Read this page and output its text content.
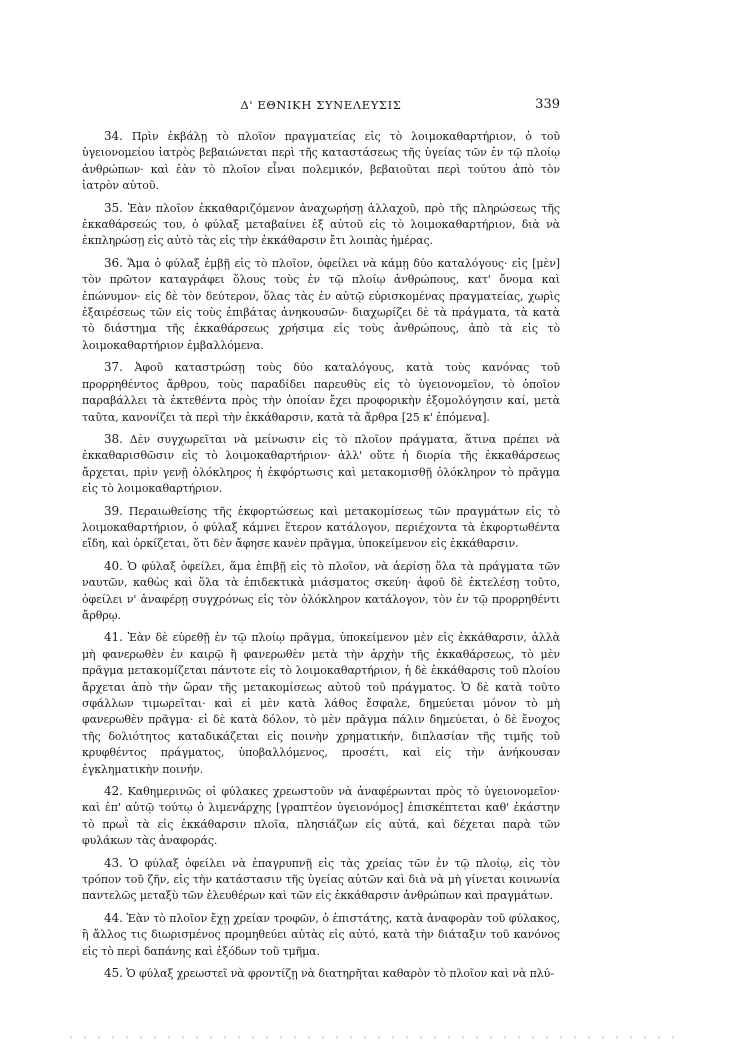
Δ' ΕΘΝΙΚΗ ΣΥΝΕΛΕΥΣΙΣ	339

34. Πρὶν ἐκβάλῃ τὸ πλοῖον πραγματείας εἰς τὸ λοιμοκαθαρτήριον, ὁ τοῦ ὑγειονομείου ἰατρὸς βεβαιώνεται περὶ τῆς καταστάσεως τῆς ὑγείας τῶν ἐν τῷ πλοίῳ ἀνθρώπων· καὶ ἐὰν τὸ πλοῖον εἶναι πολεμικόν, βεβαιοῦται περὶ τούτου ἀπὸ τὸν ἰατρὸν αὐτοῦ.

35. Ἐὰν πλοῖον ἐκκαθαριζόμενον ἀναχωρήσῃ ἀλλαχοῦ, πρὸ τῆς πληρώσεως τῆς ἐκκαθάρσεώς του, ὁ φύλαξ μεταβαίνει ἐξ αὐτοῦ εἰς τὸ λοιμοκαθαρτήριον, διὰ νὰ ἐκπληρώσῃ εἰς αὐτὸ τὰς εἰς τὴν ἐκκάθαρσιν ἔτι λοιπὰς ἡμέρας.

36. Ἅμα ὁ φύλαξ ἐμβῇ εἰς τὸ πλοῖον, ὀφείλει νὰ κάμῃ δύο καταλόγους· εἰς [μὲν] τὸν πρῶτον καταγράφει ὅλους τοὺς ἐν τῷ πλοίῳ ἀνθρώπους, κατ' ὄνομα καὶ ἐπώνυμον· εἰς δὲ τὸν δεύτερον, ὅλας τὰς ἐν αὐτῷ εὑρισκομένας πραγματείας, χωρὶς ἐξαιρέσεως τῶν εἰς τοὺς ἐπιβάτας ἀνηκουσῶν· διαχωρίζει δὲ τὰ πράγματα, τὰ κατὰ τὸ διάστημα τῆς ἐκκαθάρσεως χρήσιμα εἰς τοὺς ἀνθρώπους, ἀπὸ τὰ εἰς τὸ λοιμοκαθαρτήριον ἐμβαλλόμενα.

37. Ἀφοῦ καταστρώσῃ τοὺς δύο καταλόγους, κατὰ τοὺς κανόνας τοῦ προρρηθέντος ἄρθρου, τοὺς παραδίδει παρευθὺς εἰς τὸ ὑγειονομεῖον, τὸ ὁποῖον παραβάλλει τὰ ἐκτεθέντα πρὸς τὴν ὁποίαν ἔχει προφορικὴν ἐξομολόγησιν καί, μετὰ ταῦτα, κανονίζει τὰ περὶ τὴν ἐκκάθαρσιν, κατὰ τὰ ἄρθρα [25 κ' ἑπόμενα].

38. Δὲν συγχωρεῖται νὰ μείνωσιν εἰς τὸ πλοῖον πράγματα, ἅτινα πρέπει νὰ ἐκκαθαρισθῶσιν εἰς τὸ λοιμοκαθαρτήριον· ἀλλ' οὔτε ἡ διορία τῆς ἐκκαθάρσεως ἄρχεται, πρὶν γενῇ ὁλόκληρος ἡ ἐκφόρτωσις καὶ μετακομισθῇ ὁλόκληρον τὸ πρᾶγμα εἰς τὸ λοιμοκαθαρτήριον.

39. Περαιωθείσης τῆς ἐκφορτώσεως καὶ μετακομίσεως τῶν πραγμάτων εἰς τὸ λοιμοκαθαρτήριον, ὁ φύλαξ κάμνει ἕτερον κατάλογον, περιέχοντα τὰ ἐκφορτωθέντα εἴδη, καὶ ὁρκίζεται, ὅτι δὲν ἄφησε κανὲν πρᾶγμα, ὑποκείμενον εἰς ἐκκάθαρσιν.

40. Ὁ φύλαξ ὀφείλει, ἅμα ἐπιβῇ εἰς τὸ πλοῖον, νὰ ἀερίσῃ ὅλα τὰ πράγματα τῶν ναυτῶν, καθὼς καὶ ὅλα τὰ ἐπιδεκτικὰ μιάσματος σκεύη· ἀφοῦ δὲ ἐκτελέσῃ τοῦτο, ὀφείλει ν' ἀναφέρῃ συγχρόνως εἰς τὸν ὁλόκληρον κατάλογον, τὸν ἐν τῷ προρρηθέντι ἄρθρῳ.

41. Ἐὰν δὲ εὑρεθῇ ἐν τῷ πλοίῳ πρᾶγμα, ὑποκείμενον μὲν εἰς ἐκκάθαρσιν, ἀλλὰ μὴ φανερωθὲν ἐν καιρῷ ἢ φανερωθὲν μετὰ τὴν ἀρχὴν τῆς ἐκκαθάρσεως, τὸ μὲν πρᾶγμα μετακομίζεται πάντοτε εἰς τὸ λοιμοκαθαρτήριον, ἡ δὲ ἐκκάθαρσις τοῦ πλοίου ἄρχεται ἀπὸ τὴν ὥραν τῆς μετακομίσεως αὐτοῦ τοῦ πράγματος. Ὁ δὲ κατὰ τοῦτο σφάλλων τιμωρεῖται· καὶ εἰ μὲν κατὰ λάθος ἔσφαλε, δημεύεται μόνον τὸ μὴ φανερωθὲν πρᾶγμα· εἰ δὲ κατὰ δόλον, τὸ μὲν πρᾶγμα πάλιν δημεύεται, ὁ δὲ ἔνοχος τῆς δολιότητος καταδικάζεται εἰς ποινὴν χρηματικήν, διπλασίαν τῆς τιμῆς τοῦ κρυφθέντος πράγματος, ὑποβαλλόμενος, προσέτι, καὶ εἰς τὴν ἀνήκουσαν ἐγκληματικὴν ποινήν.

42. Καθημερινῶς οἱ φύλακες χρεωστοῦν νὰ ἀναφέρωνται πρὸς τὸ ὑγειονομεῖον· καὶ ἐπ' αὐτῷ τούτῳ ὁ λιμενάρχης [γραπτέον ὑγειονόμος] ἐπισκέπτεται καθ' ἑκάστην τὸ πρωῒ τὰ εἰς ἐκκάθαρσιν πλοῖα, πλησιάζων εἰς αὐτά, καὶ δέχεται παρὰ τῶν φυλάκων τὰς ἀναφοράς.

43. Ὁ φύλαξ ὀφείλει νὰ ἐπαγρυπνῇ εἰς τὰς χρείας τῶν ἐν τῷ πλοίῳ, εἰς τὸν τρόπον τοῦ ζῆν, εἰς τὴν κατάστασιν τῆς ὑγείας αὐτῶν καὶ διὰ νὰ μὴ γίνεται κοινωνία παντελῶς μεταξὺ τῶν ἐλευθέρων καὶ τῶν εἰς ἐκκάθαρσιν ἀνθρώπων καὶ πραγμάτων.

44. Ἐὰν τὸ πλοῖον ἔχῃ χρείαν τροφῶν, ὁ ἐπιστάτης, κατὰ ἀναφορὰν τοῦ φύλακος, ἢ ἄλλος τις διωρισμένος προμηθεύει αὐτὰς εἰς αὐτό, κατὰ τὴν διάταξιν τοῦ κανόνος εἰς τὸ περὶ δαπάνης καὶ ἐξόδων τοῦ τμῆμα.

45. Ὁ φύλαξ χρεωστεῖ νὰ φροντίζῃ νὰ διατηρῆται καθαρὸν τὸ πλοῖον καὶ νὰ πλύ-
